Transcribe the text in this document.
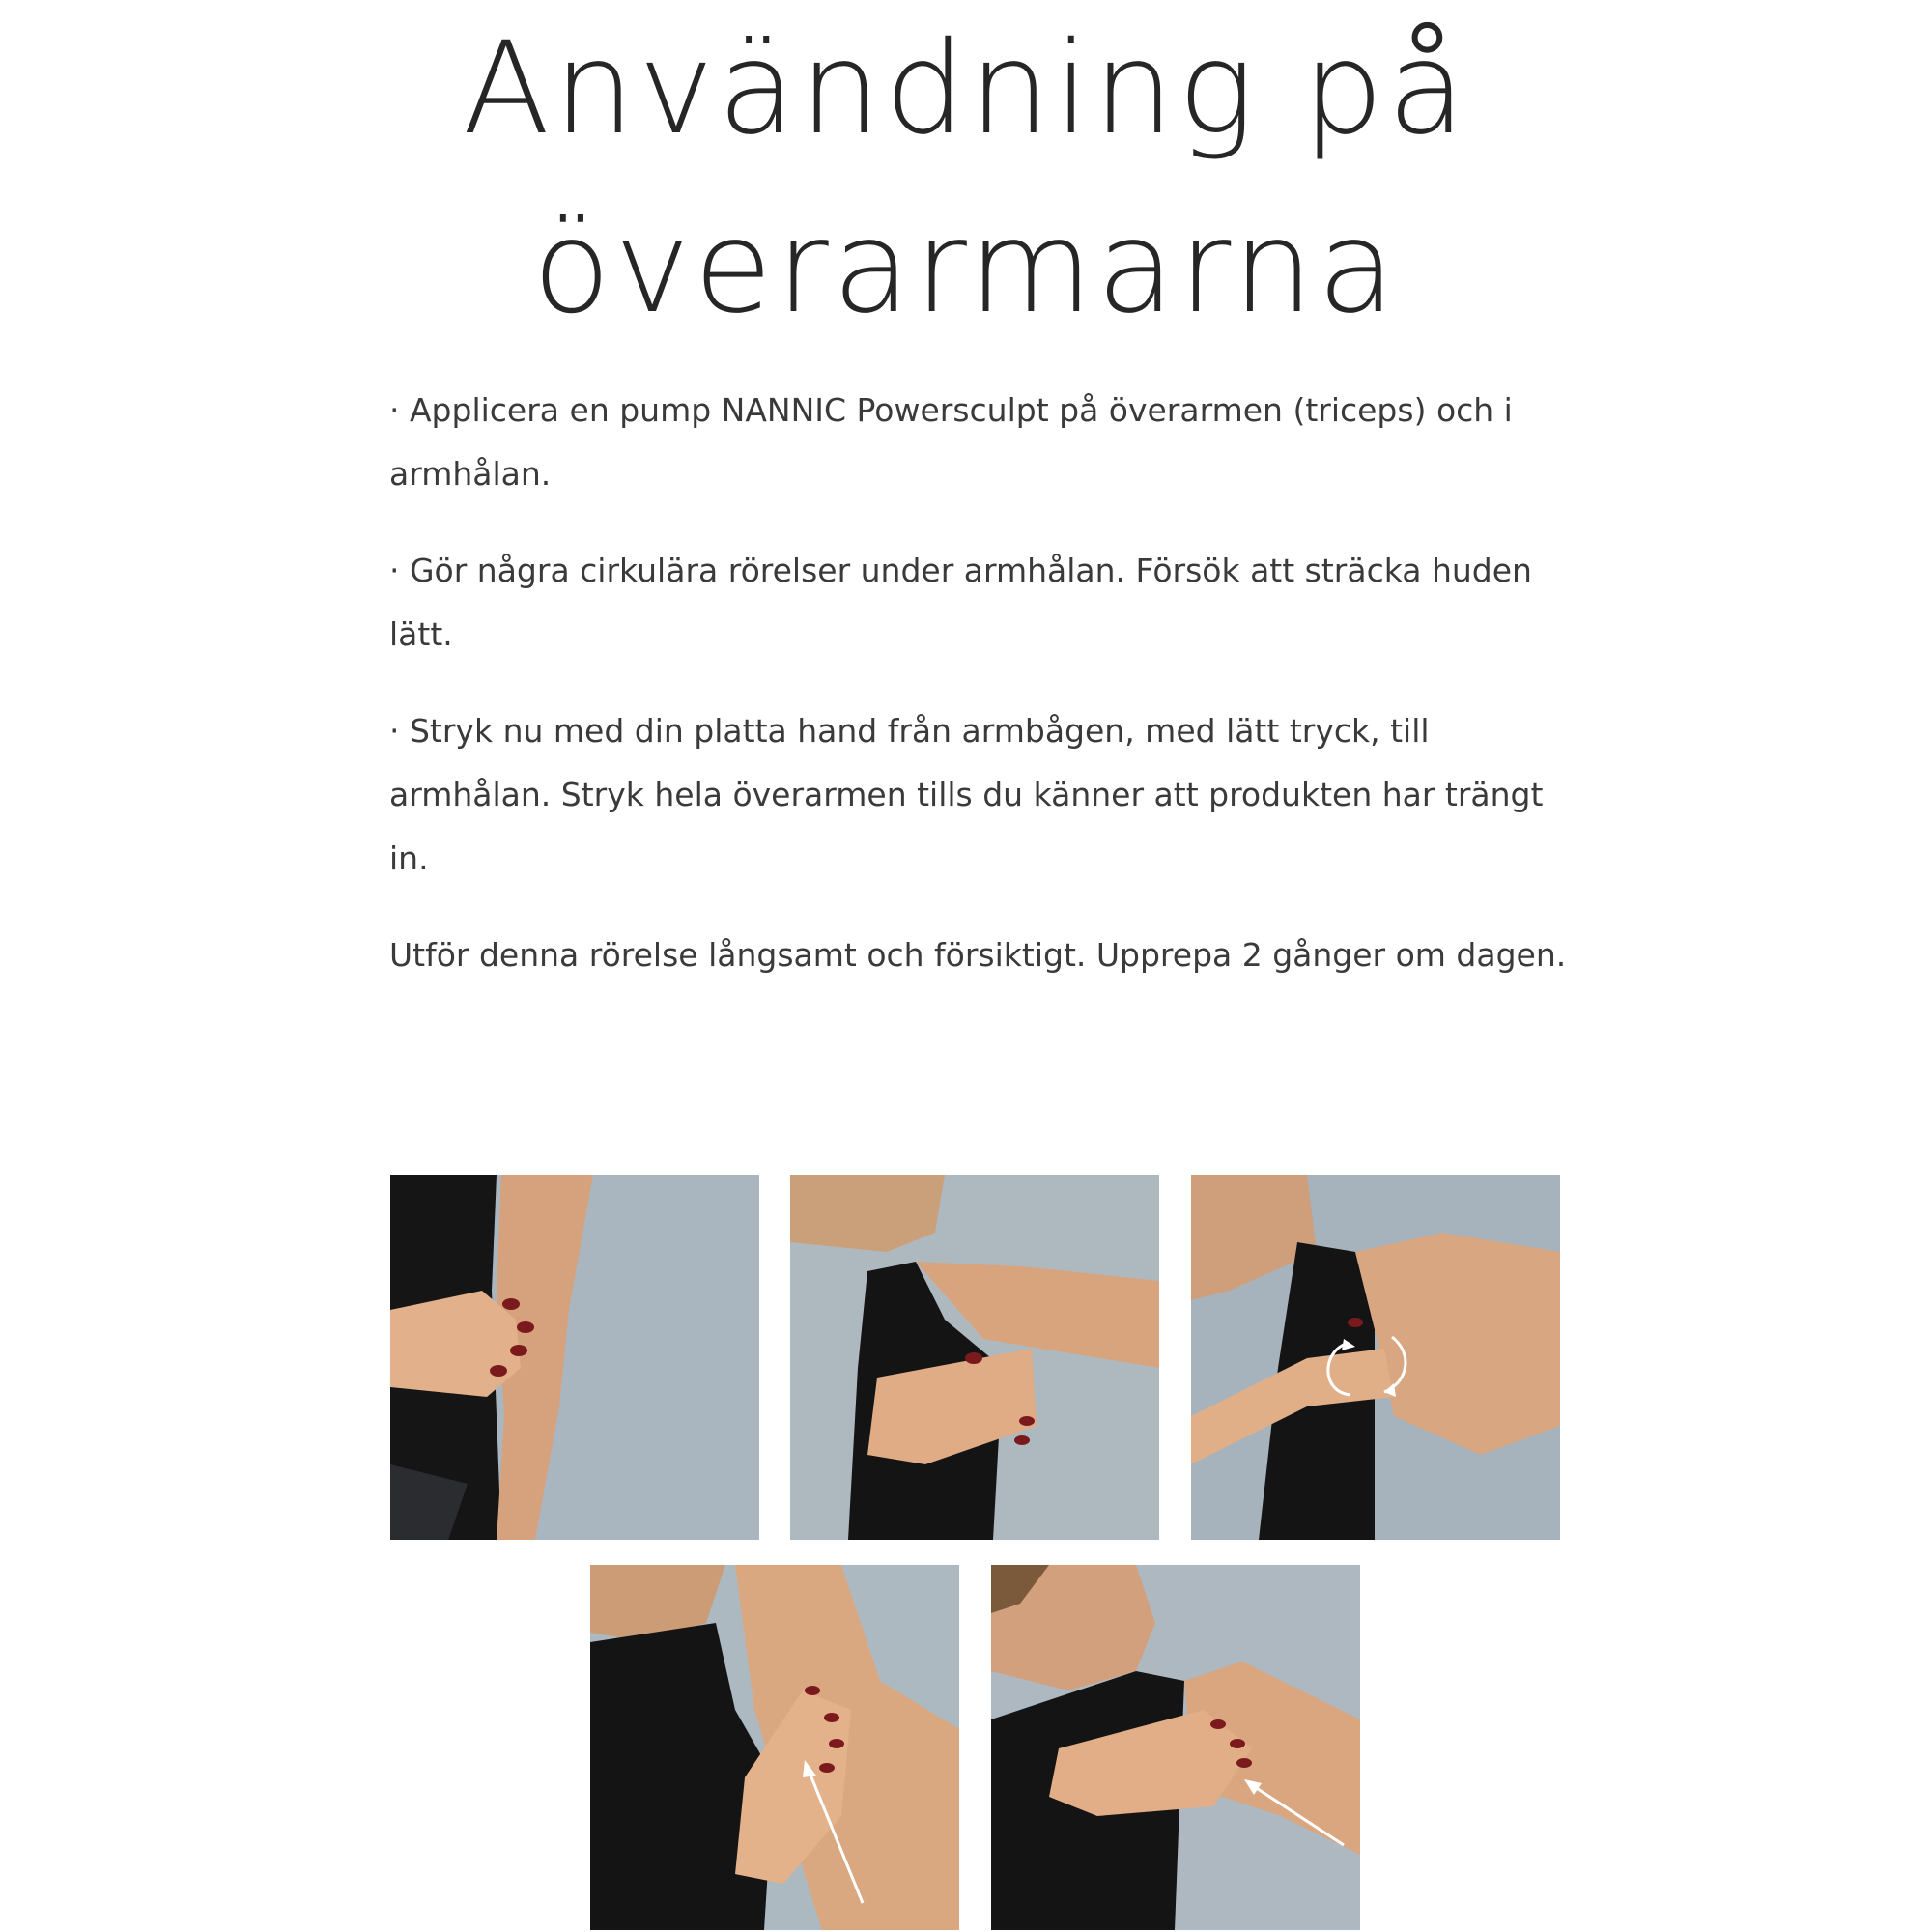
Användning på
överarmarna

· Applicera en pump NANNIC Powersculpt på överarmen (triceps) och i armhålan.

· Gör några cirkulära rörelser under armhålan. Försök att sträcka huden lätt.

· Stryk nu med din platta hand från armbågen, med lätt tryck, till armhålan. Stryk hela överarmen tills du känner att produkten har trängt in.

Utför denna rörelse långsamt och försiktigt. Upprepa 2 gånger om dagen.
